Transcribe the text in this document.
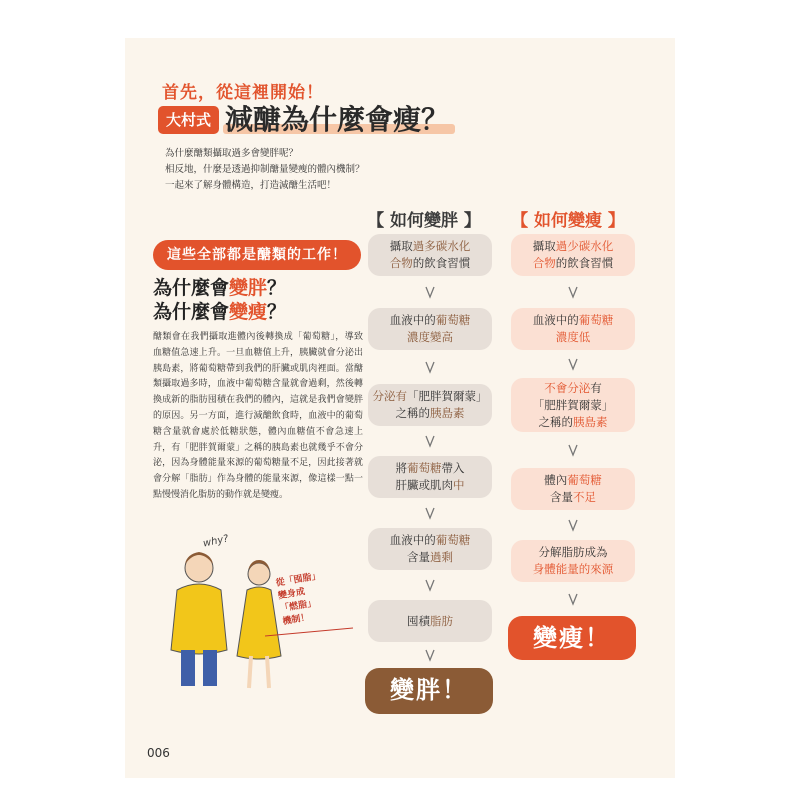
首先，從這裡開始！
大村式 減醣為什麼會瘦？
為什麼醣類攝取過多會變胖呢？
相反地，什麼是透過抑制醣量變瘦的體內機制？
一起來了解身體構造，打造減醣生活吧！
這些全部都是醣類的工作！
為什麼會變胖？
為什麼會變瘦？
醣類會在我們攝取進體內後轉換成「葡萄糖」，導致血糖值急速上升。一旦血糖值上升，胰臟就會分泌出胰島素，將葡萄糖帶到我們的肝臟或肌肉裡面。當醣類攝取過多時，血液中葡萄糖含量就會過剩，然後轉換成新的脂肪囤積在我們的體內，這就是我們會變胖的原因。另一方面，進行減醣飲食時，血液中的葡萄糖含量就會處於低糖狀態，體內血糖值不會急速上升，有「肥胖賀爾蒙」之稱的胰島素也就幾乎不會分泌，因為身體能量來源的葡萄糖量不足，因此接著就會分解「脂肪」作為身體的能量來源，像這樣一點一點慢慢消化脂肪的動作就是變瘦。
why?
從「囤脂」
變身成
「燃脂」
機制！
【 如何變胖 】	【 如何變瘦 】
攝取過多碳水化
合物的飲食習慣
血液中的葡萄糖
濃度變高
分泌有「肥胖賀爾蒙」
之稱的胰島素
將葡萄糖帶入
肝臟或肌肉中
血液中的葡萄糖
含量過剩
囤積脂肪
攝取過少碳水化
合物的飲食習慣
血液中的葡萄糖
濃度低
不會分泌有
「肥胖賀爾蒙」
之稱的胰島素
體內葡萄糖
含量不足
分解脂肪成為
身體能量的來源
變胖！
變瘦！
006
